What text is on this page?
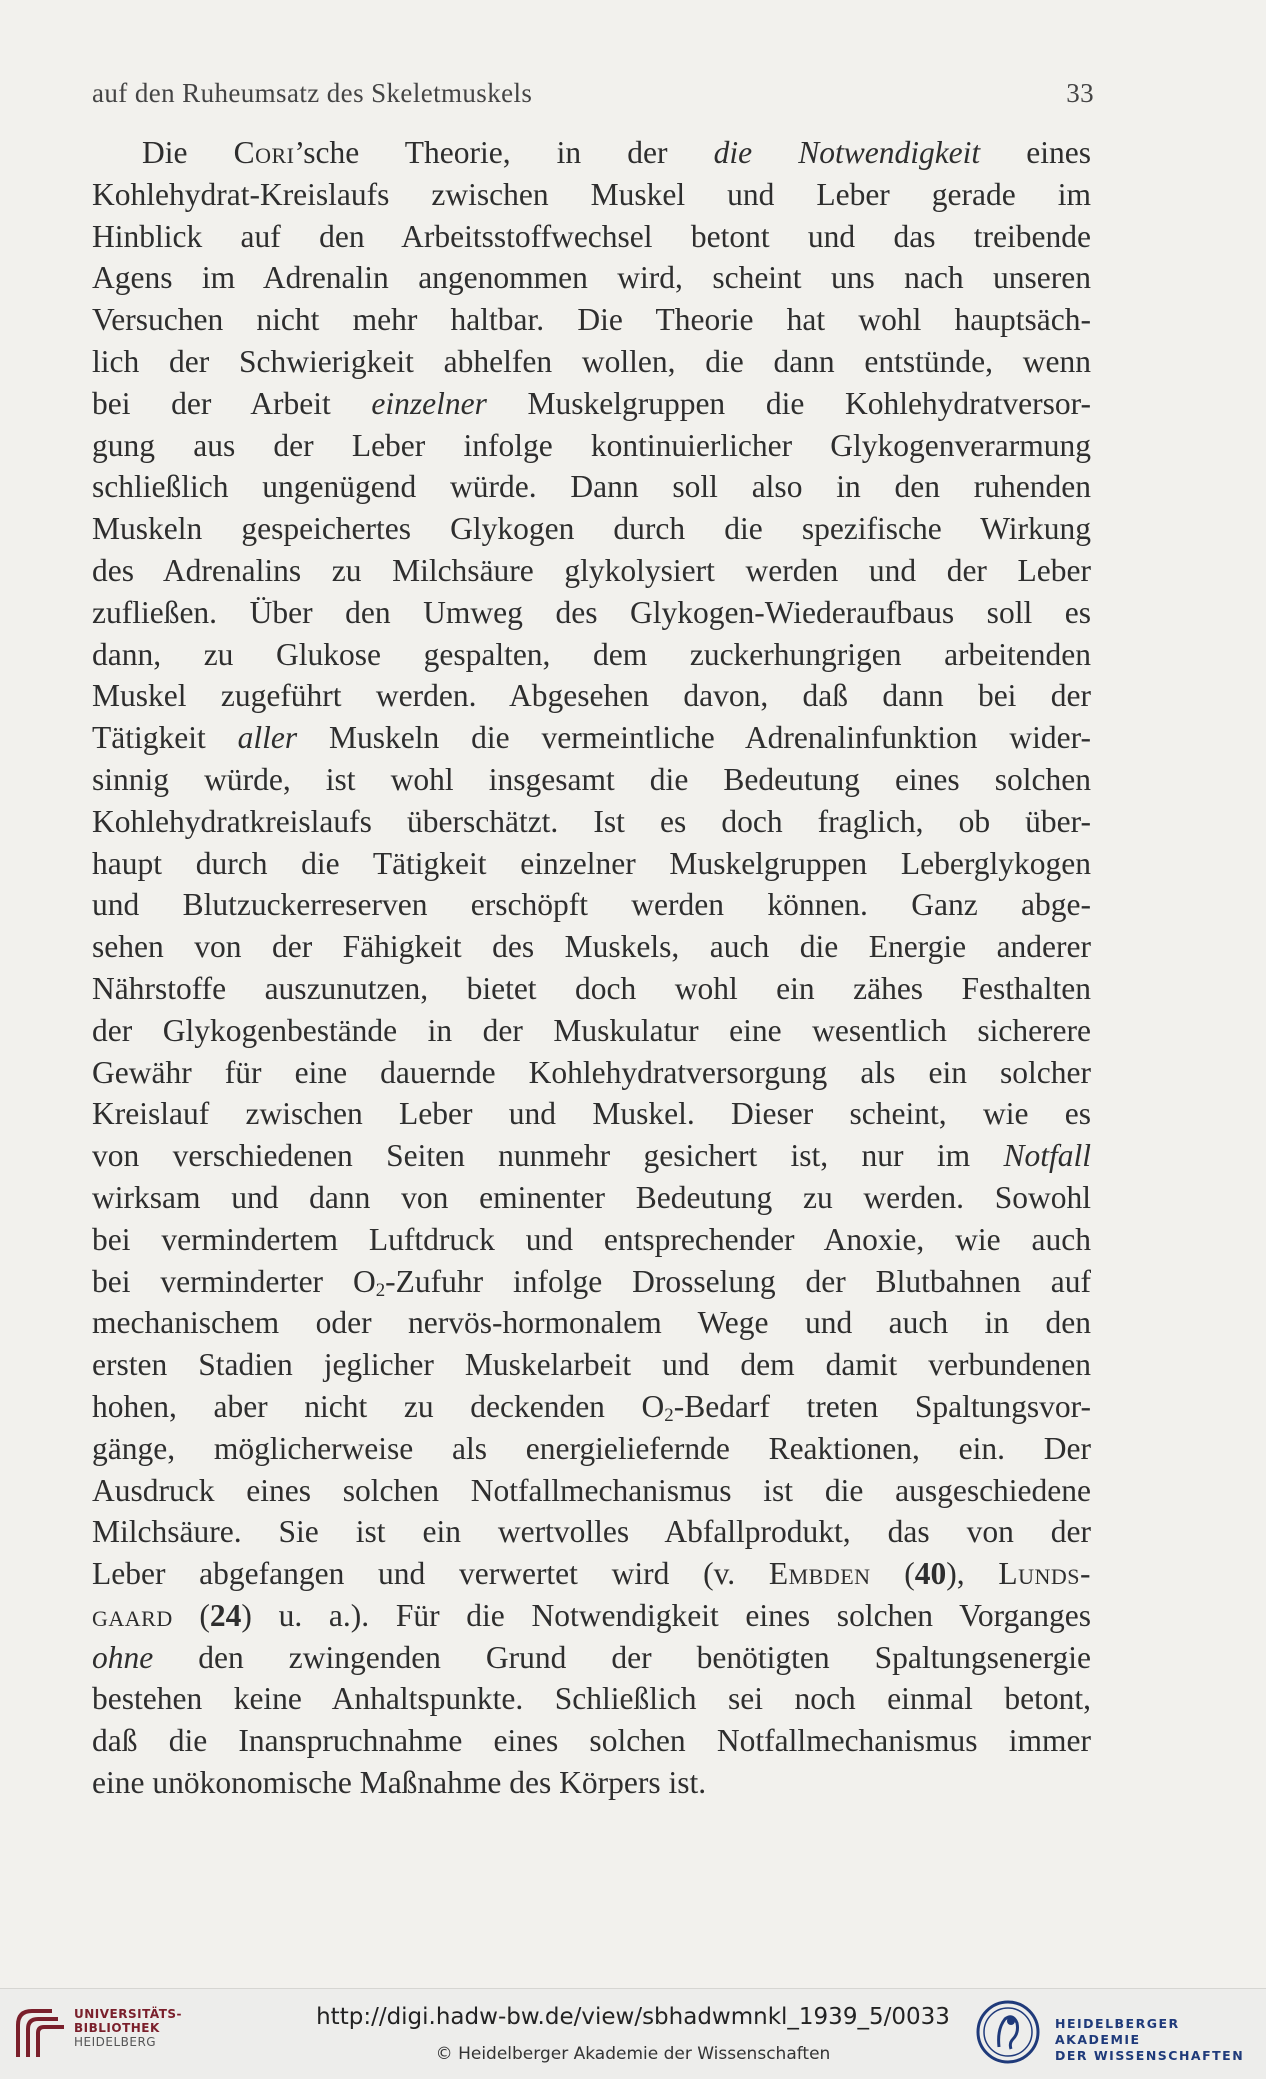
auf den Ruheumsatz des Skeletmuskels	33
Die Cori’sche Theorie, in der die Notwendigkeit eines
Kohlehydrat-Kreislaufs zwischen Muskel und Leber gerade im
Hinblick auf den Arbeitsstoffwechsel betont und das treibende
Agens im Adrenalin angenommen wird, scheint uns nach unseren
Versuchen nicht mehr haltbar. Die Theorie hat wohl hauptsäch-
lich der Schwierigkeit abhelfen wollen, die dann entstünde, wenn
bei der Arbeit einzelner Muskelgruppen die Kohlehydratversor-
gung aus der Leber infolge kontinuierlicher Glykogenverarmung
schließlich ungenügend würde. Dann soll also in den ruhenden
Muskeln gespeichertes Glykogen durch die spezifische Wirkung
des Adrenalins zu Milchsäure glykolysiert werden und der Leber
zufließen. Über den Umweg des Glykogen-Wiederaufbaus soll es
dann, zu Glukose gespalten, dem zuckerhungrigen arbeitenden
Muskel zugeführt werden. Abgesehen davon, daß dann bei der
Tätigkeit aller Muskeln die vermeintliche Adrenalinfunktion wider-
sinnig würde, ist wohl insgesamt die Bedeutung eines solchen
Kohlehydratkreislaufs überschätzt. Ist es doch fraglich, ob über-
haupt durch die Tätigkeit einzelner Muskelgruppen Leberglykogen
und Blutzuckerreserven erschöpft werden können. Ganz abge-
sehen von der Fähigkeit des Muskels, auch die Energie anderer
Nährstoffe auszunutzen, bietet doch wohl ein zähes Festhalten
der Glykogenbestände in der Muskulatur eine wesentlich sicherere
Gewähr für eine dauernde Kohlehydratversorgung als ein solcher
Kreislauf zwischen Leber und Muskel. Dieser scheint, wie es
von verschiedenen Seiten nunmehr gesichert ist, nur im Notfall
wirksam und dann von eminenter Bedeutung zu werden. Sowohl
bei vermindertem Luftdruck und entsprechender Anoxie, wie auch
bei verminderter $O_2$-Zufuhr infolge Drosselung der Blutbahnen auf
mechanischem oder nervös-hormonalem Wege und auch in den
ersten Stadien jeglicher Muskelarbeit und dem damit verbundenen
hohen, aber nicht zu deckenden $O_2$-Bedarf treten Spaltungsvor-
gänge, möglicherweise als energieliefernde Reaktionen, ein. Der
Ausdruck eines solchen Notfallmechanismus ist die ausgeschiedene
Milchsäure. Sie ist ein wertvolles Abfallprodukt, das von der
Leber abgefangen und verwertet wird (v. Embden (40), Lunds-
gaard (24) u. a.). Für die Notwendigkeit eines solchen Vorganges
ohne den zwingenden Grund der benötigten Spaltungsenergie
bestehen keine Anhaltspunkte. Schließlich sei noch einmal betont,
daß die Inanspruchnahme eines solchen Notfallmechanismus immer
eine unökonomische Maßnahme des Körpers ist.
UNIVERSITÄTS-
BIBLIOTHEK
HEIDELBERG
http://digi.hadw-bw.de/view/sbhadwmnkl_1939_5/0033
© Heidelberger Akademie der Wissenschaften
HEIDELBERGER AKADEMIE
DER WISSENSCHAFTEN
